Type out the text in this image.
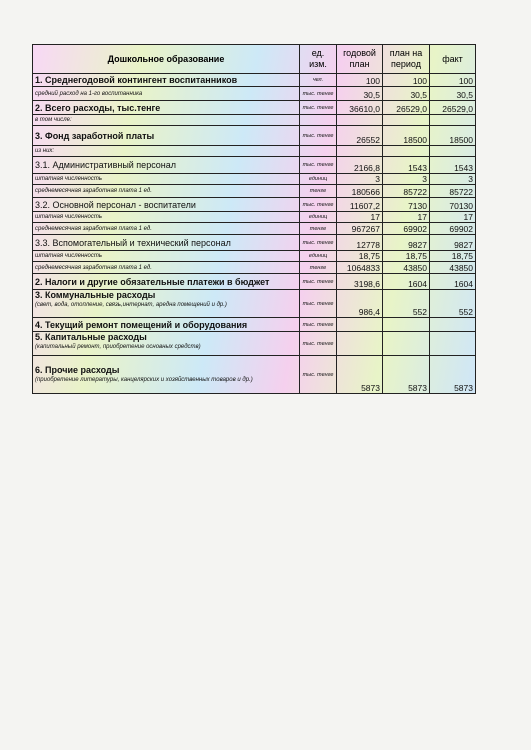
Дошкольное образование	ед. изм.	годовой план	план на период	факт
1. Среднегодовой контингент воспитанников	чел.	100	100	100
средний расход на 1-го воспитанника	тыс. тенге	30,5	30,5	30,5
2. Всего расходы, тыс.тенге	тыс. тенге	36610,0	26529,0	26529,0
в том числе:				
3. Фонд заработной платы	тыс. тенге	26552	18500	18500
из них:				
3.1. Административный персонал	тыс. тенге	2166,8	1543	1543
штатная численность	единиц	3	3	3
среднемесячная заработная плата 1 ед.	тенге	180566	85722	85722
3.2. Основной персонал - воспитатели	тыс. тенге	11607,2	7130	70130
штатная численность	единиц	17	17	17
среднемесячная заработная плата 1 ед.	тенге	967267	69902	69902
3.3. Вспомогательный и технический персонал	тыс. тенге	12778	9827	9827
штатная численность	единиц	18,75	18,75	18,75
среднемесячная заработная плата 1 ед.	тенге	1064833	43850	43850
2. Налоги и другие обязательные платежи в бюджет	тыс. тенге	3198,6	1604	1604

3. Коммунальные расходы
(свет, вода, отопление, связь,интернат, аредна помещений и др.)	тыс. тенге	986,4	552	552
4. Текущий ремонт помещений и оборудования	тыс. тенге			

5. Капитальные расходы
(капитальный ремонт, приобретение основных средств)	тыс. тенге			

6. Прочие расходы
(приобретение литературы, канцелярских и хозяйственных товаров и др.)	тыс. тенге	5873	5873	5873
